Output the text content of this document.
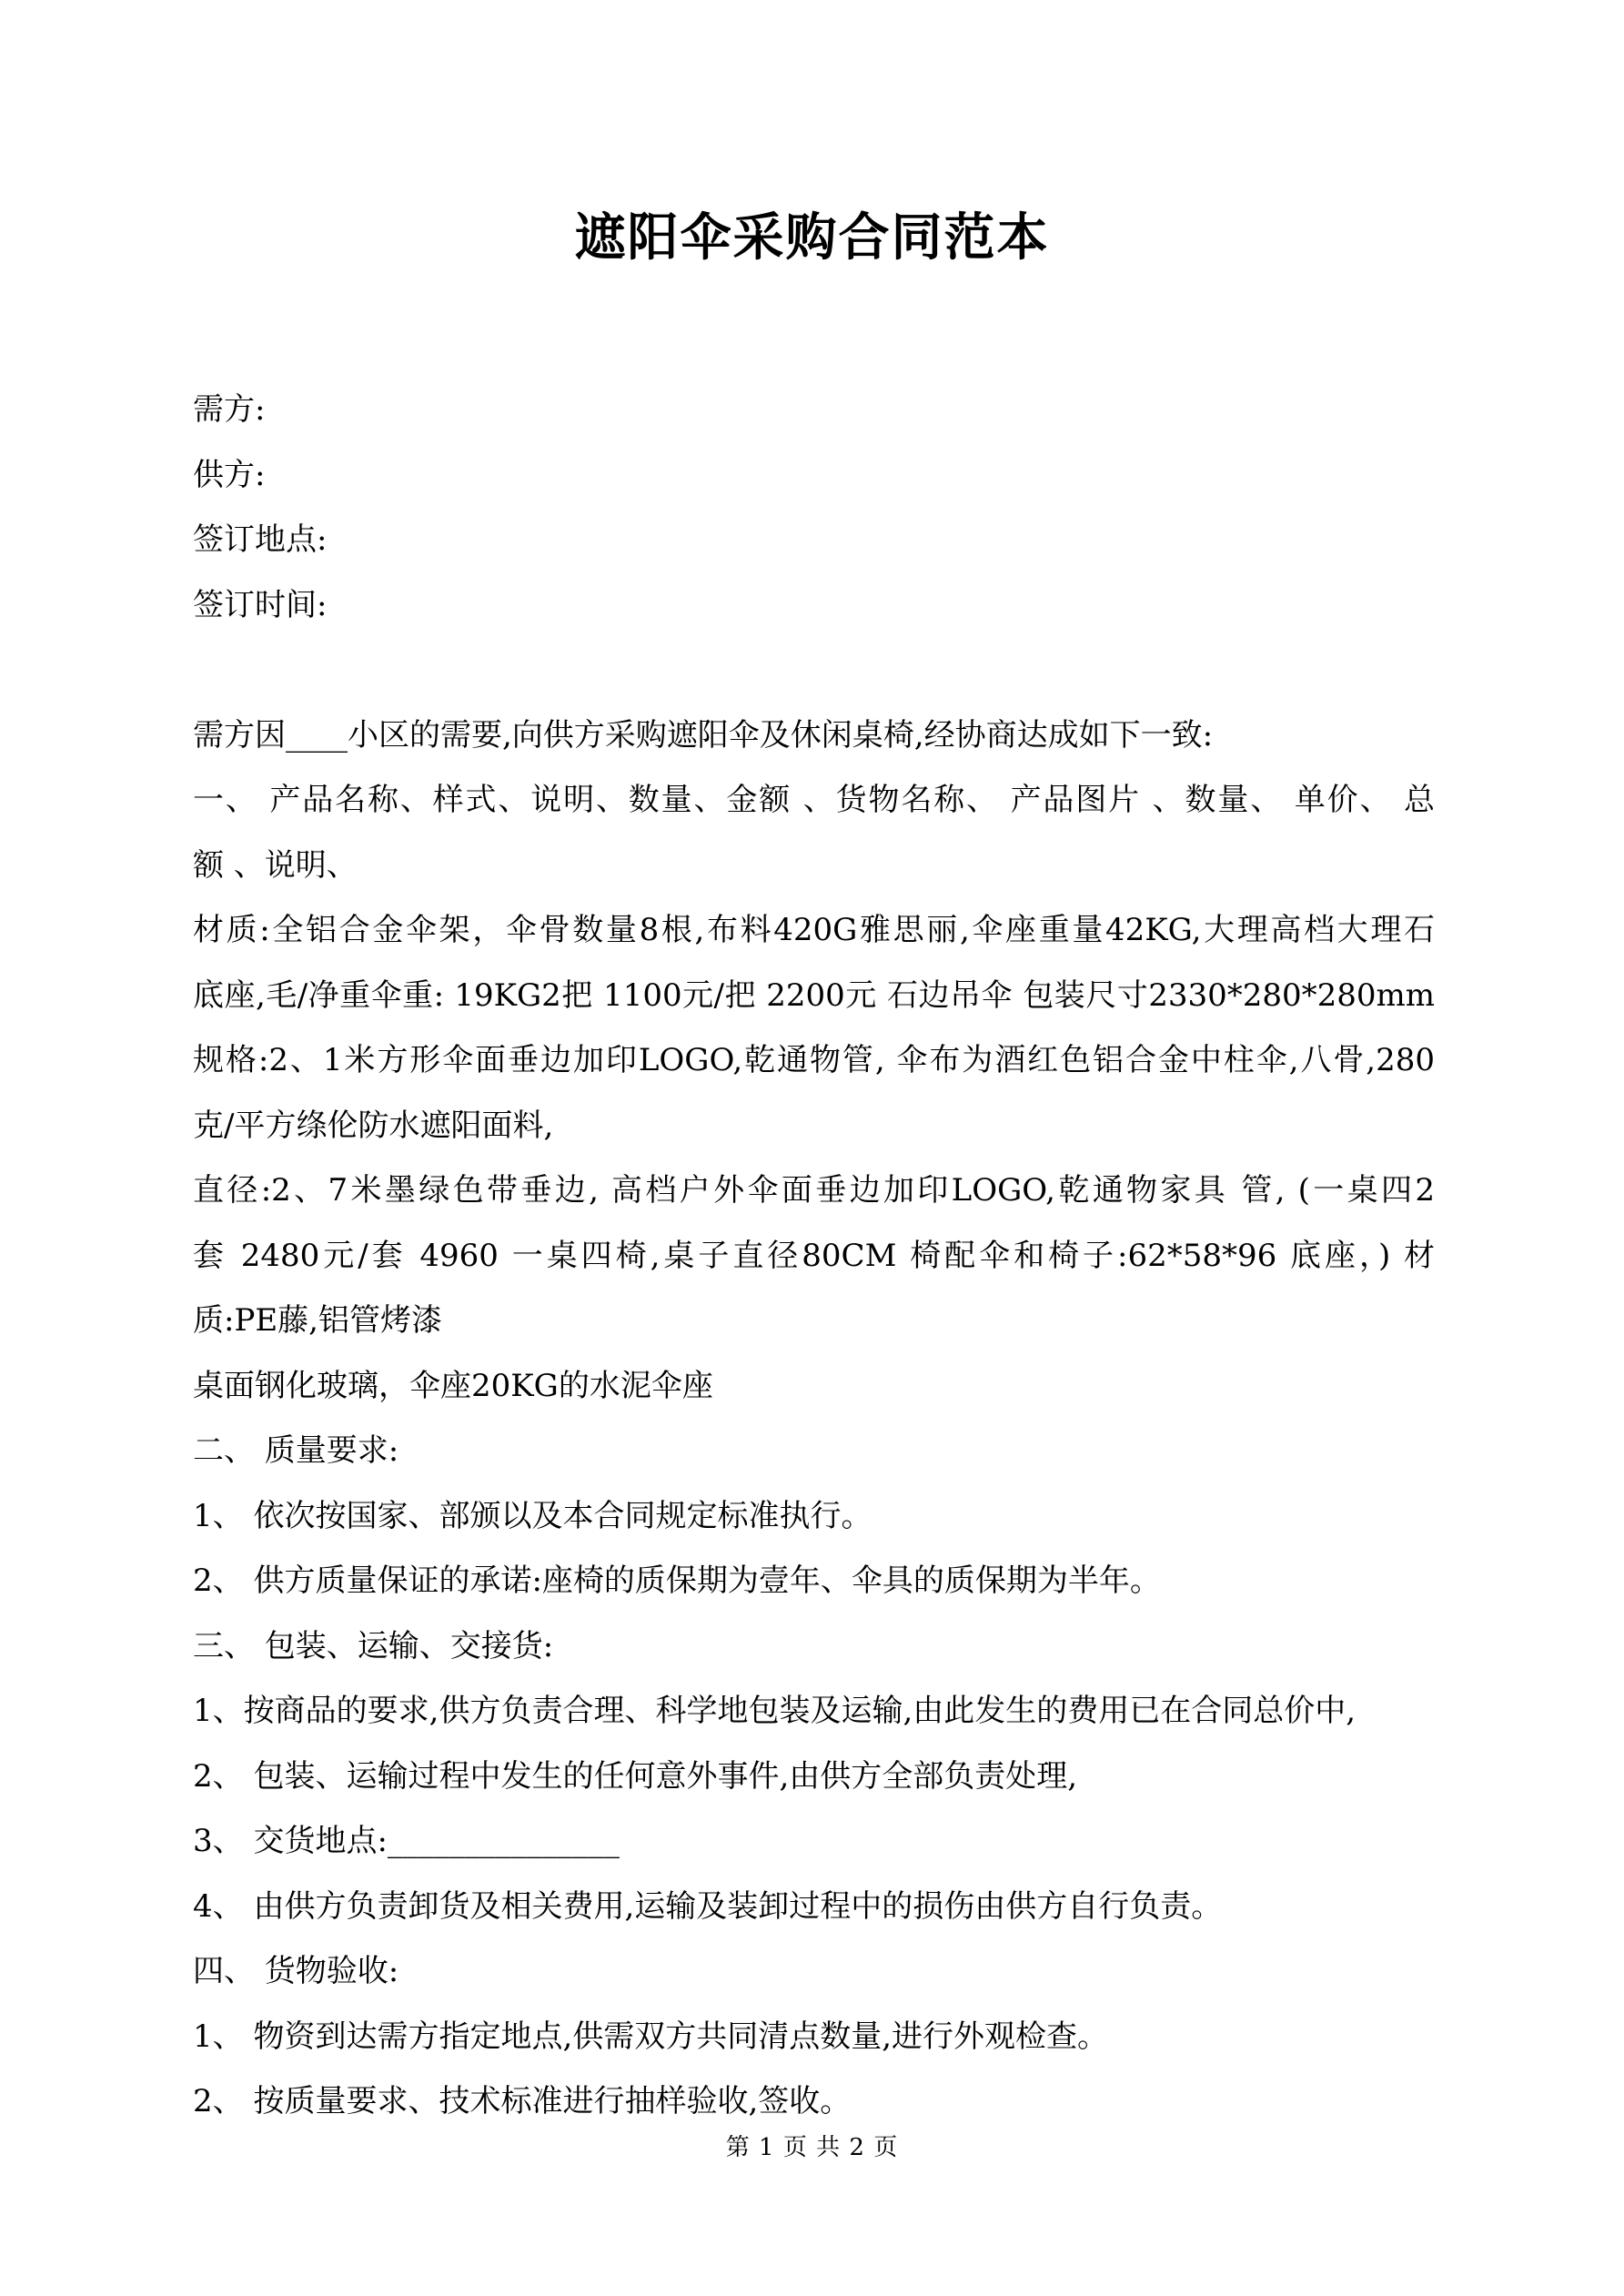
遮阳伞采购合同范本
需方:
供方:
签订地点:
签订时间:
需方因____小区的需要,向供方采购遮阳伞及休闲桌椅,经协商达成如下一致:
一、 产品名称、样式、说明、数量、金额 、货物名称、 产品图片 、数量、 单价、 总
额 、说明、
材质:全铝合金伞架，伞骨数量8根,布料420G雅思丽,伞座重量42KG,大理高档大理石
底座,毛/净重伞重: 19KG2把 1100元/把 2200元 石边吊伞 包装尺寸2330*280*280mm
规格:2、1米方形伞面垂边加印LOGO,乾通物管, 伞布为酒红色铝合金中柱伞,八骨,280
克/平方绦伦防水遮阳面料,
直径:2、7米墨绿色带垂边, 高档户外伞面垂边加印LOGO,乾通物家具 管, (一桌四2
套 2480元/套 4960 一桌四椅,桌子直径80CM 椅配伞和椅子:62*58*96 底座，) 材
质:PE藤,铝管烤漆
桌面钢化玻璃，伞座20KG的水泥伞座
二、 质量要求:
1、 依次按国家、部颁以及本合同规定标准执行。
2、 供方质量保证的承诺:座椅的质保期为壹年、伞具的质保期为半年。
三、 包装、运输、交接货:
1、按商品的要求,供方负责合理、科学地包装及运输,由此发生的费用已在合同总价中,
2、 包装、运输过程中发生的任何意外事件,由供方全部负责处理,
3、 交货地点:_______________
4、 由供方负责卸货及相关费用,运输及装卸过程中的损伤由供方自行负责。
四、 货物验收:
1、 物资到达需方指定地点,供需双方共同清点数量,进行外观检查。
2、 按质量要求、技术标准进行抽样验收,签收。
第 1 页 共 2 页
